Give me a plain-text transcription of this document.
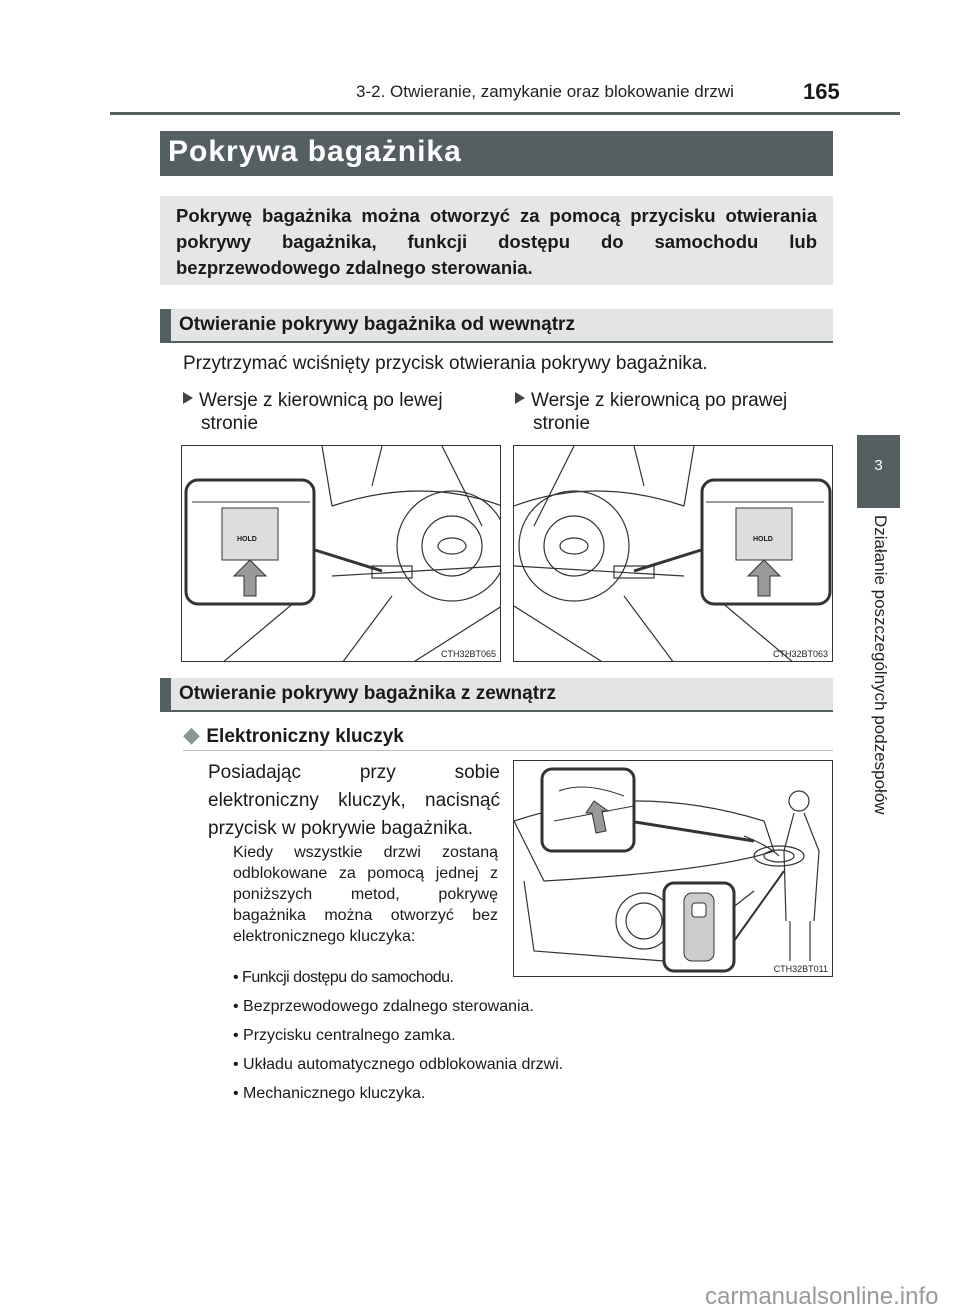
3-2. Otwieranie, zamykanie oraz blokowanie drzwi	165
Pokrywa bagażnika
Pokrywę bagażnika można otworzyć za pomocą przycisku otwierania pokrywy bagażnika, funkcji dostępu do samochodu lub bezprzewodowego zdalnego sterowania.
Otwieranie pokrywy bagażnika od wewnątrz
Przytrzymać wciśnięty przycisk otwierania pokrywy bagażnika.
Wersje z kierownicą po lewej stronie
Wersje z kierownicą po prawej stronie
HOLD
CTH32BT065
HOLD
CTH32BT063
Otwieranie pokrywy bagażnika z zewnątrz
◆ Elektroniczny kluczyk
Posiadając przy sobie elektroniczny kluczyk, nacisnąć przycisk w pokrywie bagażnika.
Kiedy wszystkie drzwi zostaną odblokowane za pomocą jednej z poniższych metod, pokrywę bagażnika można otworzyć bez elektronicznego kluczyka:
• Funkcji dostępu do samochodu.
• Bezprzewodowego zdalnego sterowania.
• Przycisku centralnego zamka.
• Układu automatycznego odblokowania drzwi.
• Mechanicznego kluczyka.
CTH32BT011
3
Działanie poszczególnych podzespołów
carmanualsonline.info
